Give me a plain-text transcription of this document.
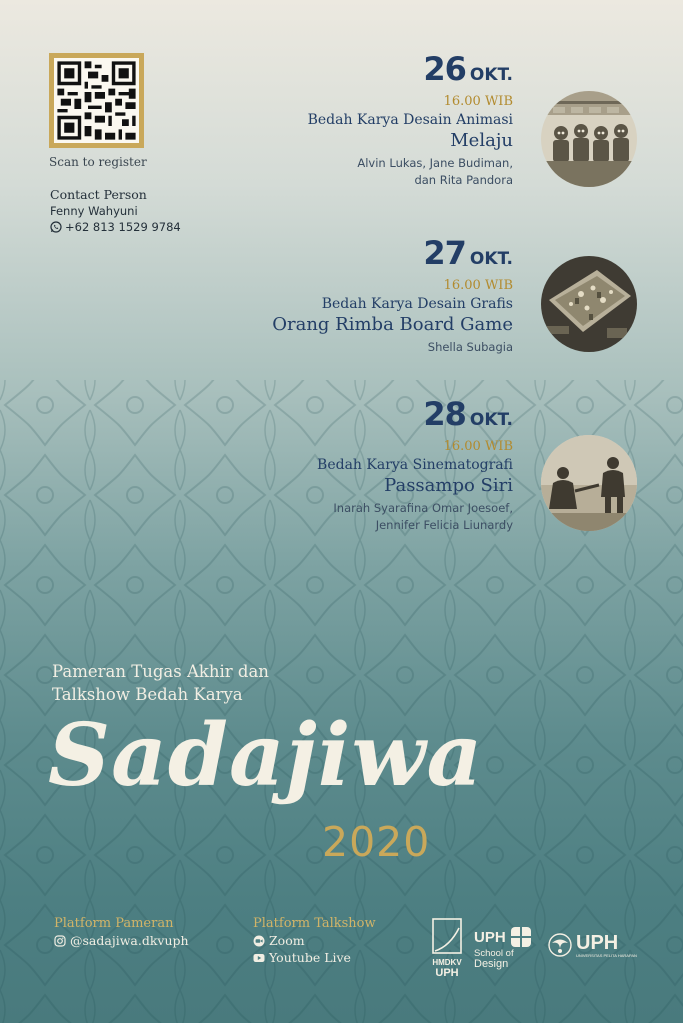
Scan to register
Contact Person
Fenny Wahyuni
+62 813 1529 9784
26 OKT.
16.00 WIB
Bedah Karya Desain Animasi
Melaju
Alvin Lukas, Jane Budiman,
dan Rita Pandora
27 OKT.
16.00 WIB
Bedah Karya Desain Grafis
Orang Rimba Board Game
Shella Subagia
28 OKT.
16.00 WIB
Bedah Karya Sinematografi
Passampo Siri
Inarah Syarafina Omar Joesoef,
Jennifer Felicia Liunardy
Pameran Tugas Akhir dan
Talkshow Bedah Karya
Sadajiwa
2020
Platform Pameran
@sadajiwa.dkvuph
Platform Talkshow
Zoom
Youtube Live	HMDKV
UPH
UPH
School of
Design
UPH
UNIVERSITAS PELITA HARAPAN
